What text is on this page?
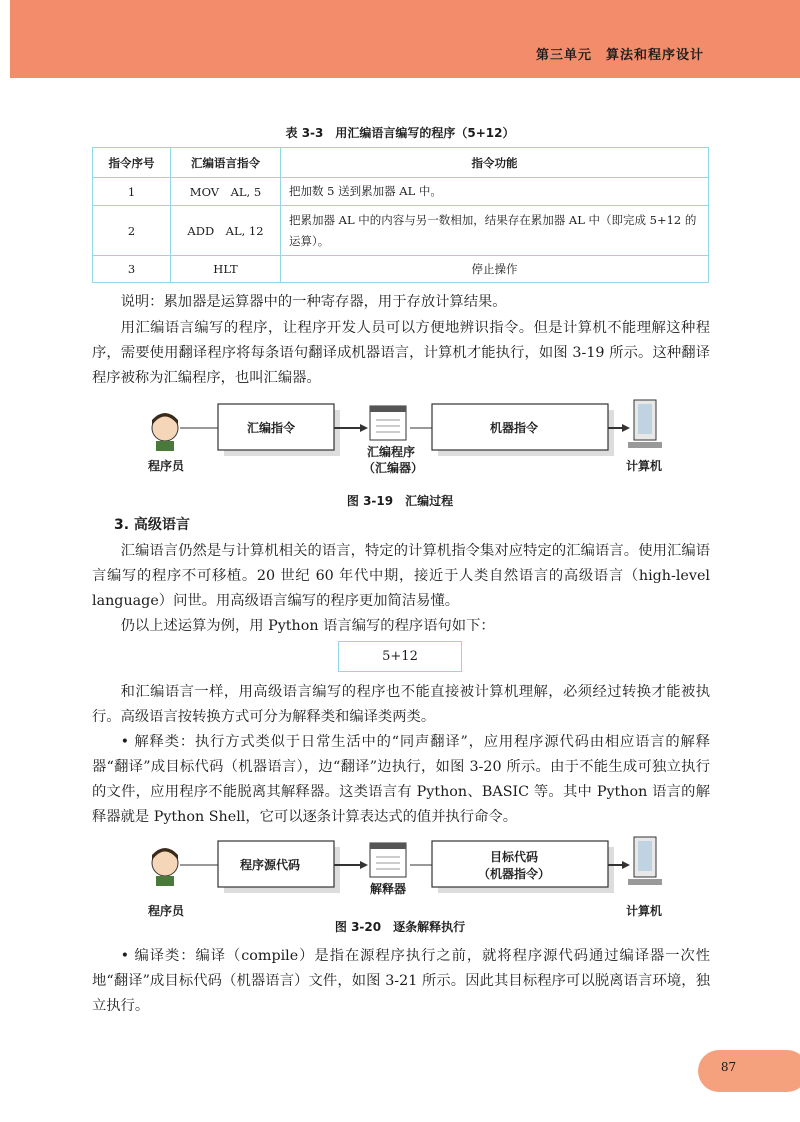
第三单元　算法和程序设计
表 3-3　用汇编语言编写的程序（5+12）
指令序号	汇编语言指令	指令功能
1	MOV　AL, 5	把加数 5 送到累加器 AL 中。
2	ADD　AL, 12	把累加器 AL 中的内容与另一数相加，结果存在累加器 AL 中（即完成 5+12 的运算）。
3	HLT	停止操作

说明：累加器是运算器中的一种寄存器，用于存放计算结果。

用汇编语言编写的程序，让程序开发人员可以方便地辨识指令。但是计算机不能理解这种程序，需要使用翻译程序将每条语句翻译成机器语言，计算机才能执行，如图 3-19 所示。这种翻译程序被称为汇编程序，也叫汇编器。

程序员
汇编指令
汇编程序
（汇编器）
机器指令
计算机
图 3-19　汇编过程
3. 高级语言

汇编语言仍然是与计算机相关的语言，特定的计算机指令集对应特定的汇编语言。使用汇编语言编写的程序不可移植。20 世纪 60 年代中期，接近于人类自然语言的高级语言（high-level language）问世。用高级语言编写的程序更加简洁易懂。

仍以上述运算为例，用 Python 语言编写的程序语句如下：

5+12

和汇编语言一样，用高级语言编写的程序也不能直接被计算机理解，必须经过转换才能被执行。高级语言按转换方式可分为解释类和编译类两类。

• 解释类：执行方式类似于日常生活中的“同声翻译”，应用程序源代码由相应语言的解释器“翻译”成目标代码（机器语言），边“翻译”边执行，如图 3-20 所示。由于不能生成可独立执行的文件，应用程序不能脱离其解释器。这类语言有 Python、BASIC 等。其中 Python 语言的解释器就是 Python Shell，它可以逐条计算表达式的值并执行命令。

程序员
程序源代码
解释器
目标代码
（机器指令）
计算机
图 3-20　逐条解释执行

• 编译类：编译（compile）是指在源程序执行之前，就将程序源代码通过编译器一次性地“翻译”成目标代码（机器语言）文件，如图 3-21 所示。因此其目标程序可以脱离语言环境，独立执行。

87
